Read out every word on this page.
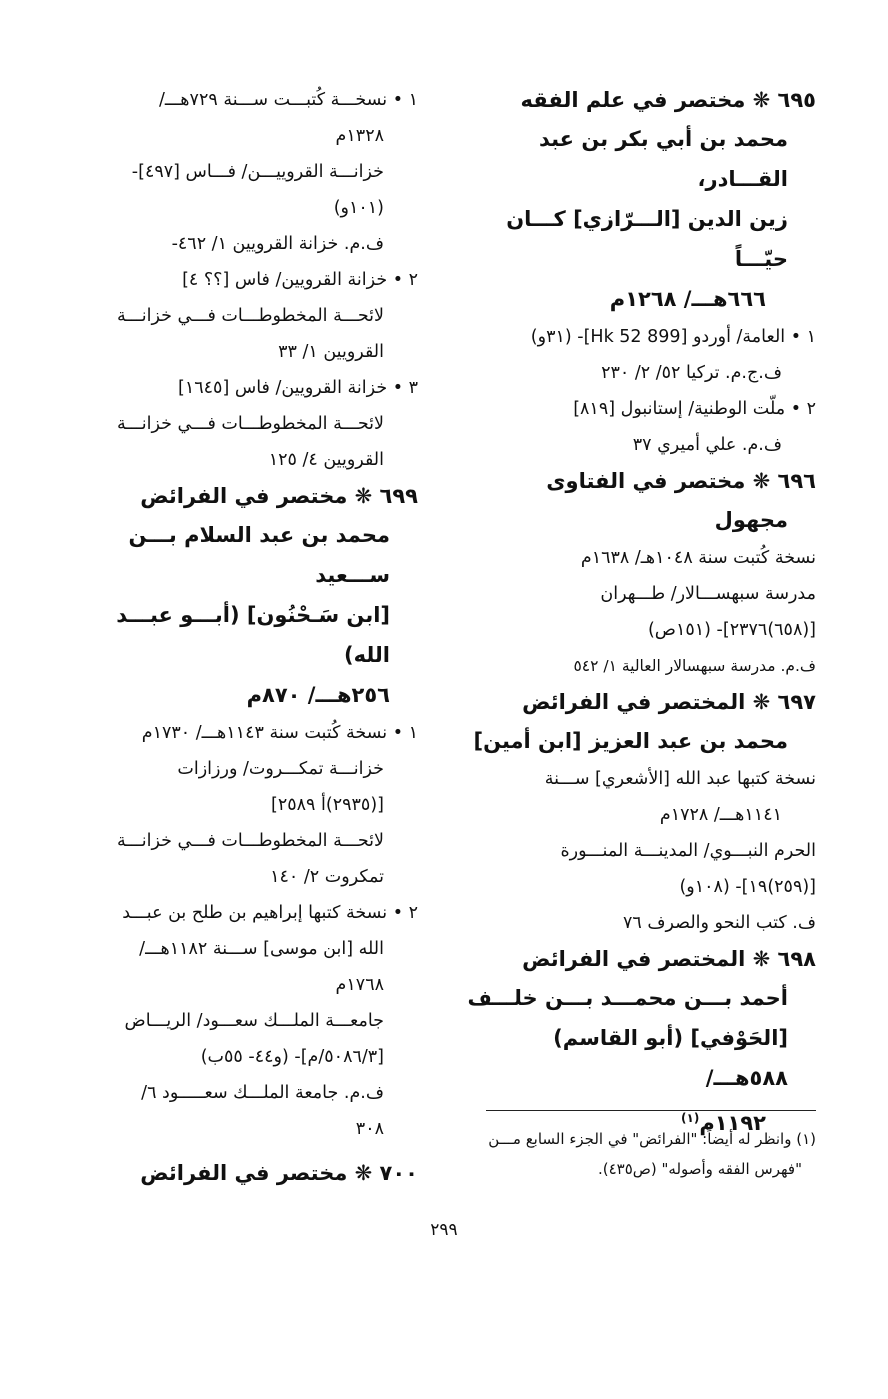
٦٩٥ ❋ مختصر في علم الفقه
محمد بن أبي بكر بن عبد القـــادر،
زين الدين [الـــرّازي] كـــان حيّـــاً
٦٦٦هـــ/ ١٢٦٨م
١ • العامة/ أوردو [899 52 Hk]- (٣١و)
ف.ج.م. تركيا ٥٢/ ٢/ ٢٣٠
٢ • ملّت الوطنية/ إستانبول [٨١٩]
ف.م. علي أميري ٣٧
٦٩٦ ❋ مختصر في الفتاوى
مجهول
نسخة كُتبت سنة ١٠٤٨هـ/ ١٦٣٨م
مدرسة سبهســـالار/ طـــهران
[(٦٥٨)٢٣٧٦]- (١٥١ص)
ف.م. مدرسة سبهسالار العالية ١/ ٥٤٢
٦٩٧ ❋ المختصر في الفرائض
محمد بن عبد العزيز [ابن أمين]
نسخة كتبها عبد الله [الأشعري] ســـنة
١١٤١هـــ/ ١٧٢٨م
الحرم النبـــوي/ المدينـــة المنـــورة
[(٢٥٩)١٩]- (١٠٨و)
ف. كتب النحو والصرف ٧٦
٦٩٨ ❋ المختصر في الفرائض
أحمد بـــن محمـــد بـــن خلـــف
[الحَوْفي] (أبو القاسم) ٥٨٨هـــ/
١١٩٢م$^{(١)}$
١ • نسخـــة كُتبـــت ســـنة ٧٢٩هـــ/
١٣٢٨م
خزانـــة القروييـــن/ فـــاس [٤٩٧]-
(١٠١و)
ف.م. خزانة القرويين ١/ ٤٦٢-
٢ • خزانة القرويين/ فاس [؟؟ ٤]
لائحـــة المخطوطـــات فـــي خزانـــة
القرويين ١/ ٣٣
٣ • خزانة القرويين/ فاس [١٦٤٥]
لائحـــة المخطوطـــات فـــي خزانـــة
القرويين ٤/ ١٢٥
٦٩٩ ❋ مختصر في الفرائض
محمد بن عبد السلام بـــن ســـعيد
[ابن سَـحْنُون] (أبـــو عبـــد الله)
٢٥٦هـــ/ ٨٧٠م
١ • نسخة كُتبت سنة ١١٤٣هـــ/ ١٧٣٠م
خزانـــة تمكـــروت/ ورزازات
[(٢٩٣٥)أ ٢٥٨٩]
لائحـــة المخطوطـــات فـــي خزانـــة
تمكروت ٢/ ١٤٠
٢ • نسخة كتبها إبراهيم بن طلح بن عبـــد
الله [ابن موسى] ســـنة ١١٨٢هـــ/
١٧٦٨م
جامعـــة الملـــك سعـــود/ الريـــاض
[٥٠٨٦/٣/م]- (و٤٤- ٥٥ب)
ف.م. جامعة الملـــك سعـــــود ٦/
٣٠٨
٧٠٠ ❋ مختصر في الفرائض
(١) وانظر له أيضاً: "الفرائض" في الجزء السابع مـــن
"فهرس الفقه وأصوله" (ص٤٣٥).
٢٩٩
